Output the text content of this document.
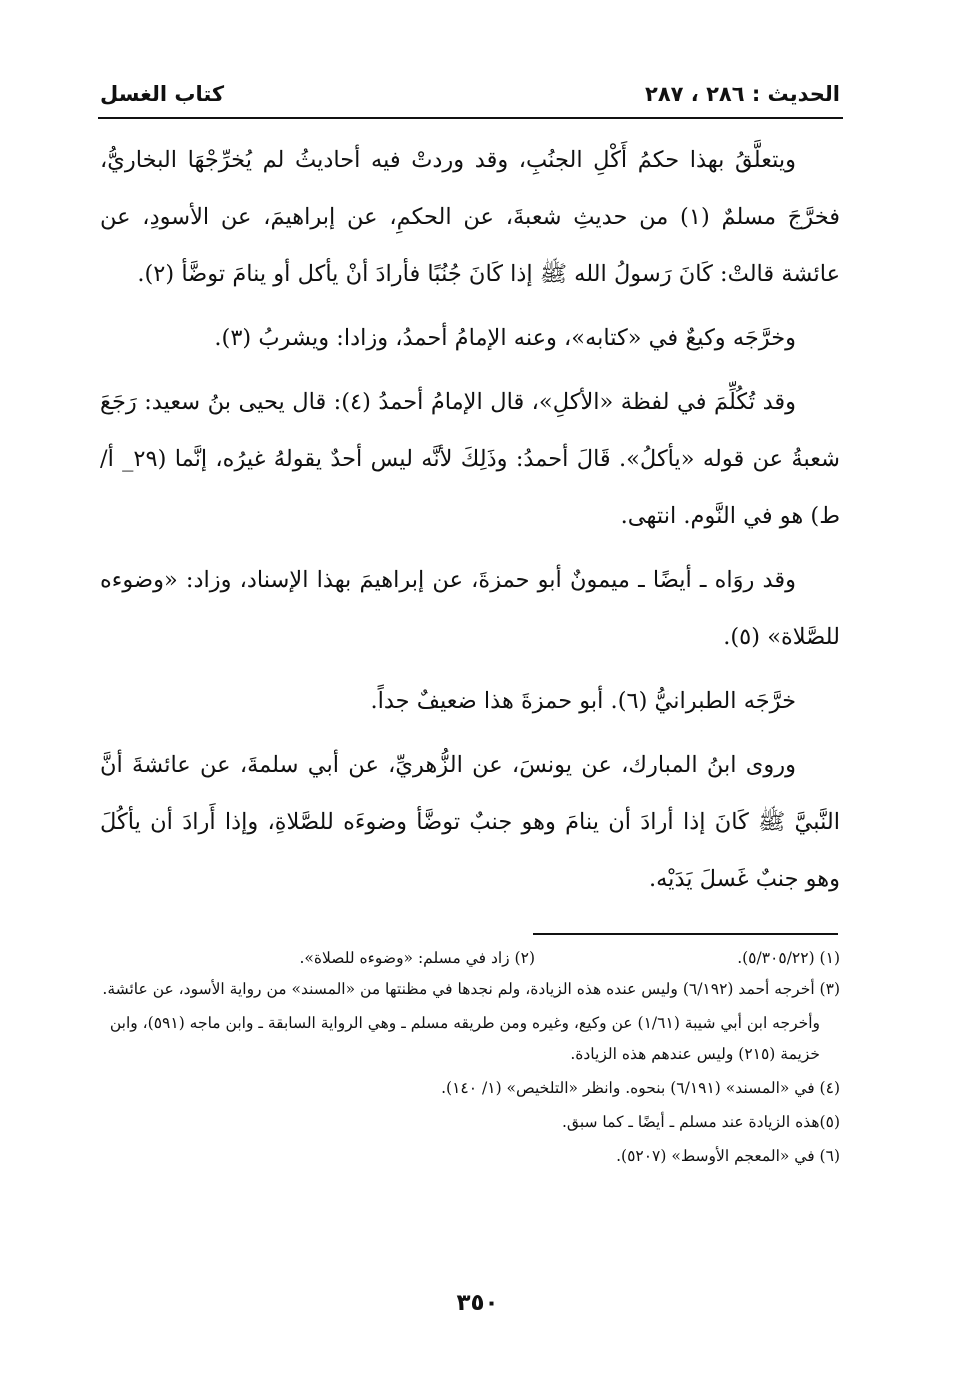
الحديث : ٢٨٦ ، ٢٨٧
كتاب الغسل

ويتعلَّقُ بهذا حكمُ أَكْلِ الجنُبِ، وقد وردتْ فيه أحاديثُ لم يُخرِّجْهَا البخاريُّ، فخرَّجَ مسلمٌ (١) من حديثِ شعبةَ، عن الحكمِ، عن إبراهيمَ، عن الأسودِ، عن عائشة قالتْ: كَانَ رَسولُ الله ﷺ إذا كَانَ جُنُبًا فأرادَ أنْ يأكل أو ينامَ توضَّأ (٢).

وخرَّجَه وكيعٌ في «كتابه»، وعنه الإمامُ أحمدُ، وزادا: ويشربُ (٣).

وقد تُكُلِّمَ في لفظة «الأكلِ»، قال الإمامُ أحمدُ (٤): قال يحيى بنُ سعيد: رَجَعَ شعبةُ عن قوله «يأكلُ». قَالَ أحمدُ: وذَلِكَ لأنَّه ليس أحدٌ يقولهُ غيرُه، إنَّما (٢٩_ أ/ط) هو في النَّوم. انتهى.

وقد روَاه ـ أيضًا ـ ميمونٌ أبو حمزةَ، عن إبراهيمَ بهذا الإسناد، وزاد: «وضوءه للصَّلاة» (٥).

خرَّجَه الطبرانيُّ (٦). أبو حمزةَ هذا ضعيفٌ جداً.

وروى ابنُ المبارك، عن يونسَ، عن الزُّهريِّ، عن أبي سلمةَ، عن عائشةَ أنَّ النَّبيَّ ﷺ كَانَ إذا أرادَ أن ينامَ وهو جنبٌ توضَّأ وضوءَه للصَّلاةِ، وإذا أَرادَ أن يأكُلَ وهو جنبٌ غَسلَ يَدَيْه.

(١) (٥/٣٠٥/٢٢).
(٢) زاد في مسلم: «وضوءه للصلاة».

(٣) أخرجه أحمد (٦/١٩٢) وليس عنده هذه الزيادة، ولم نجدها في مظنتها من «المسند» من رواية الأسود، عن عائشة.

وأخرجه ابن أبي شيبة (١/٦١) عن وكيع، وغيره ومن طريقه مسلم ـ وهي الرواية السابقة ـ وابن ماجه (٥٩١)، وابن خزيمة (٢١٥) وليس عندهم هذه الزيادة.

(٤) في «المسند» (٦/١٩١) بنحوه. وانظر «التلخيص» (١/ ١٤٠).

(٥)هذه الزيادة عند مسلم ـ أيضًا ـ كما سبق.

(٦) في «المعجم الأوسط» (٥٢٠٧).

٣٥٠
